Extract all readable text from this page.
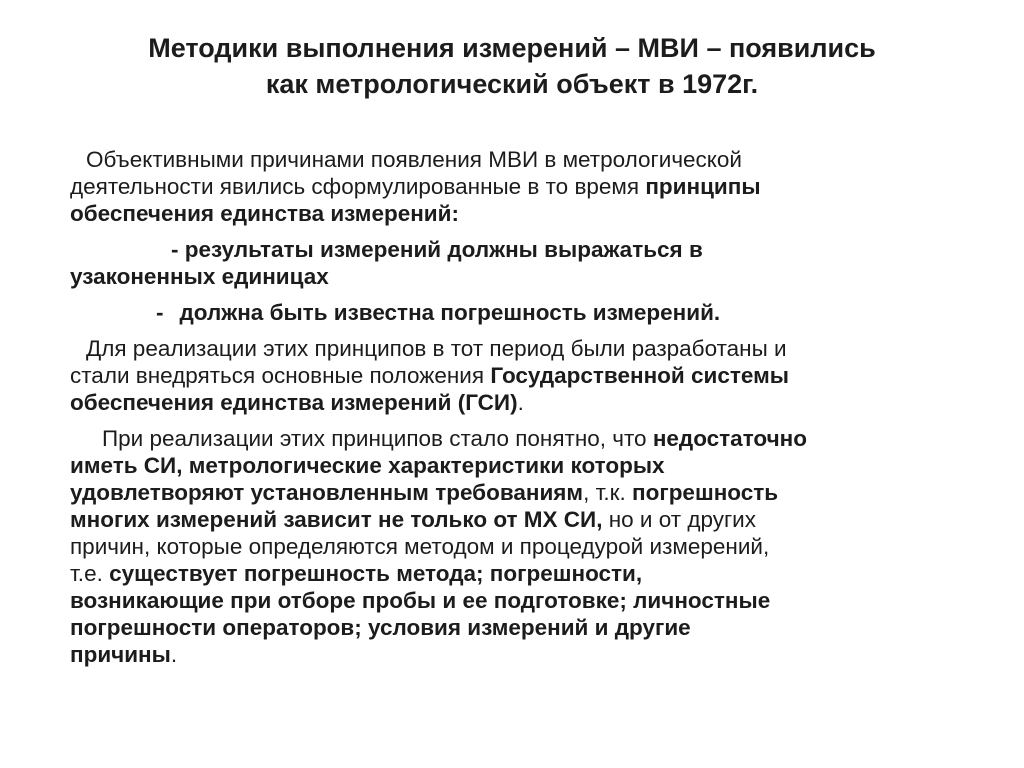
Методики выполнения измерений – МВИ – появились
как метрологический объект в 1972г.
Объективными причинами появления МВИ в метрологической
деятельности явились сформулированные в то время принципы
обеспечения единства измерений:
- результаты измерений должны выражаться в
узаконенных единицах
- должна быть известна погрешность измерений.
Для реализации этих принципов в тот период были разработаны и
стали внедряться основные положения Государственной системы
обеспечения единства измерений (ГСИ).
При реализации этих принципов стало понятно, что недостаточно
иметь СИ, метрологические характеристики которых
удовлетворяют установленным требованиям, т.к. погрешность
многих измерений зависит не только от МХ СИ, но и от других
причин, которые определяются методом и процедурой измерений,
т.е. существует погрешность метода; погрешности,
возникающие при отборе пробы и ее подготовке; личностные
погрешности операторов; условия измерений и другие
причины.
